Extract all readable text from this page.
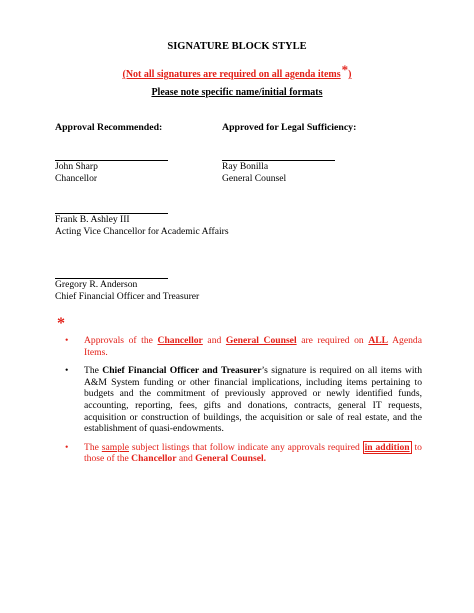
SIGNATURE BLOCK STYLE
(Not all signatures are required on all agenda items*)
Please note specific name/initial formats
Approval Recommended:	Approved for Legal Sufficiency:
John Sharp
Chancellor
Ray Bonilla
General Counsel
Frank B. Ashley III
Acting Vice Chancellor for Academic Affairs
Gregory R. Anderson
Chief Financial Officer and Treasurer
*
• Approvals of the Chancellor and General Counsel are required on ALL Agenda Items.
• The Chief Financial Officer and Treasurer’s signature is required on all items with A&M System funding or other financial implications, including items pertaining to budgets and the commitment of previously approved or newly identified funds, accounting, reporting, fees, gifts and donations, contracts, general IT requests, acquisition or construction of buildings, the acquisition or sale of real estate, and the establishment of quasi-endowments.
• The sample subject listings that follow indicate any approvals required in addition to those of the Chancellor and General Counsel.
